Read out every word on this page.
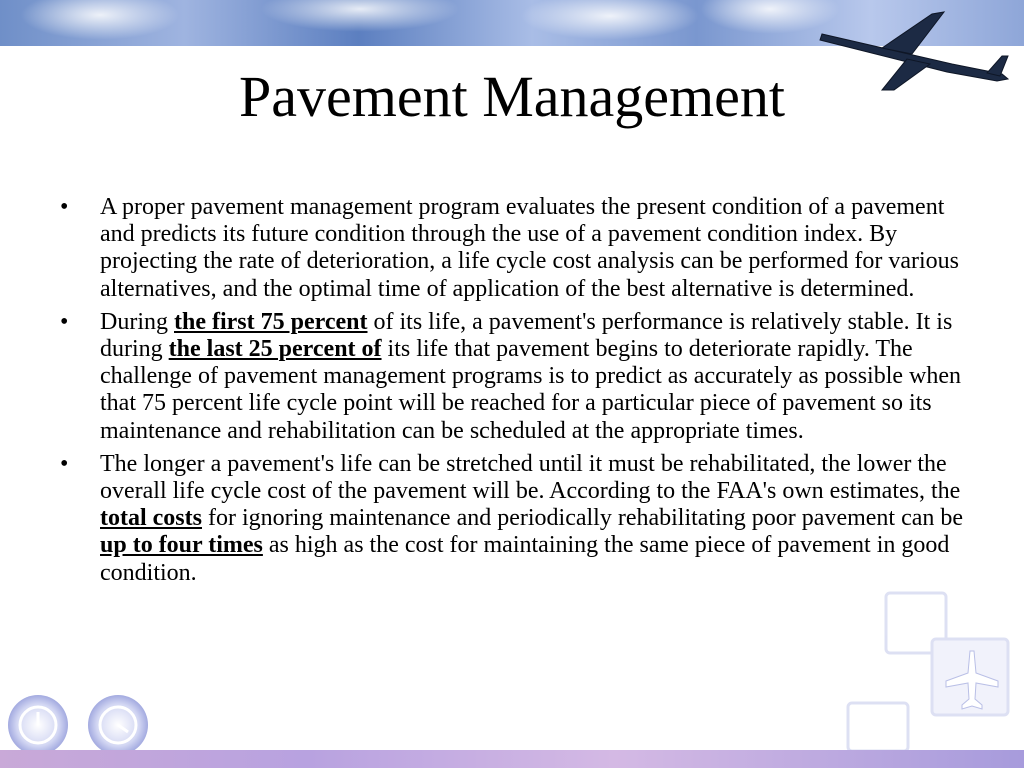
Pavement Management
• A proper pavement management program evaluates the present condition of a pavement and predicts its future condition through the use of a pavement condition index. By projecting the rate of deterioration, a life cycle cost analysis can be performed for various alternatives, and the optimal time of application of the best alternative is determined.
• During the first 75 percent of its life, a pavement's performance is relatively stable. It is during the last 25 percent of its life that pavement begins to deteriorate rapidly. The challenge of pavement management programs is to predict as accurately as possible when that 75 percent life cycle point will be reached for a particular piece of pavement so its maintenance and rehabilitation can be scheduled at the appropriate times.
• The longer a pavement's life can be stretched until it must be rehabilitated, the lower the overall life cycle cost of the pavement will be. According to the FAA's own estimates, the total costs for ignoring maintenance and periodically rehabilitating poor pavement can be up to four times as high as the cost for maintaining the same piece of pavement in good condition.
